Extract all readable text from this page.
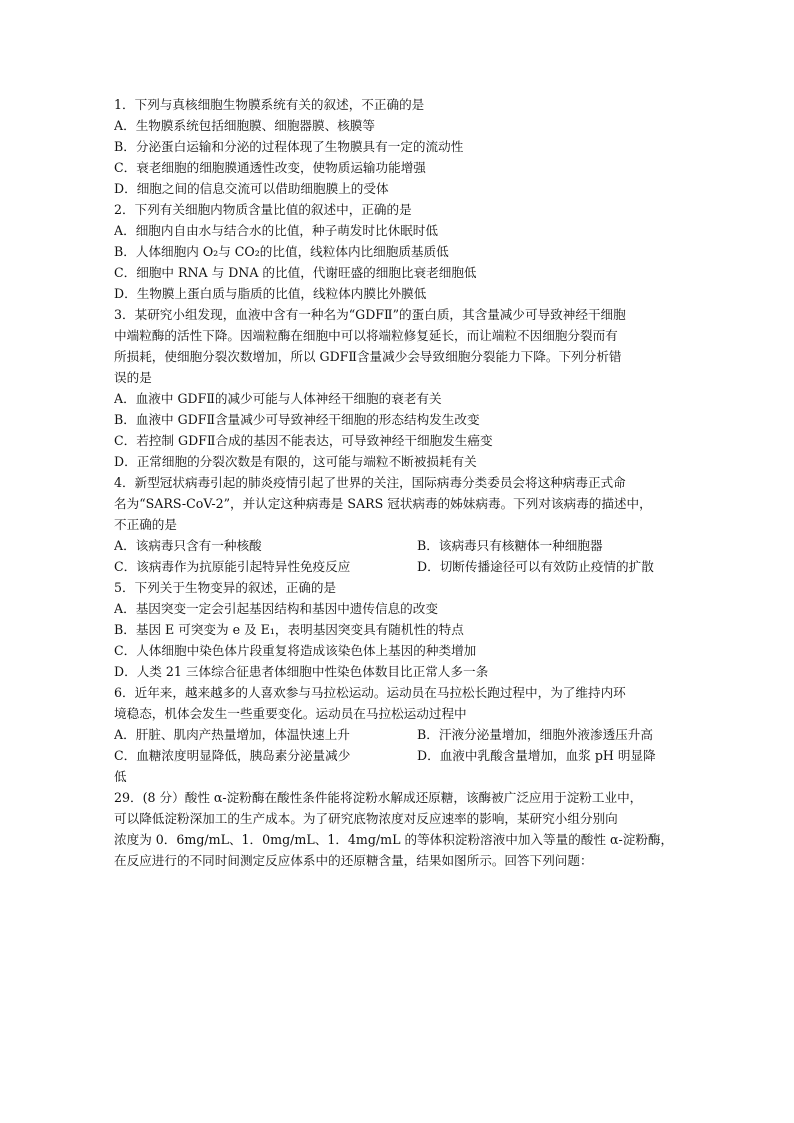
1．下列与真核细胞生物膜系统有关的叙述，不正确的是
A．生物膜系统包括细胞膜、细胞器膜、核膜等
B．分泌蛋白运输和分泌的过程体现了生物膜具有一定的流动性
C．衰老细胞的细胞膜通透性改变，使物质运输功能增强
D．细胞之间的信息交流可以借助细胞膜上的受体
2．下列有关细胞内物质含量比值的叙述中，正确的是
A．细胞内自由水与结合水的比值，种子萌发时比休眠时低
B．人体细胞内 O₂与 CO₂的比值，线粒体内比细胞质基质低
C．细胞中 RNA 与 DNA 的比值，代谢旺盛的细胞比衰老细胞低
D．生物膜上蛋白质与脂质的比值，线粒体内膜比外膜低
3．某研究小组发现，血液中含有一种名为“GDFⅡ”的蛋白质，其含量减少可导致神经干细胞
中端粒酶的活性下降。因端粒酶在细胞中可以将端粒修复延长，而让端粒不因细胞分裂而有
所损耗，使细胞分裂次数增加，所以 GDFⅡ含量减少会导致细胞分裂能力下降。下列分析错
误的是
A．血液中 GDFⅡ的减少可能与人体神经干细胞的衰老有关
B．血液中 GDFⅡ含量减少可导致神经干细胞的形态结构发生改变
C．若控制 GDFⅡ合成的基因不能表达，可导致神经干细胞发生癌变
D．正常细胞的分裂次数是有限的，这可能与端粒不断被损耗有关
4．新型冠状病毒引起的肺炎疫情引起了世界的关注，国际病毒分类委员会将这种病毒正式命
名为“SARS-CoV-2”，并认定这种病毒是 SARS 冠状病毒的姊妹病毒。下列对该病毒的描述中，
不正确的是
A．该病毒只含有一种核酸	B．该病毒只有核糖体一种细胞器
C．该病毒作为抗原能引起特异性免疫反应	D．切断传播途径可以有效防止疫情的扩散
5．下列关于生物变异的叙述，正确的是
A．基因突变一定会引起基因结构和基因中遗传信息的改变
B．基因 E 可突变为 e 及 E₁，表明基因突变具有随机性的特点
C．人体细胞中染色体片段重复将造成该染色体上基因的种类增加
D．人类 21 三体综合征患者体细胞中性染色体数目比正常人多一条
6．近年来，越来越多的人喜欢参与马拉松运动。运动员在马拉松长跑过程中，为了维持内环
境稳态，机体会发生一些重要变化。运动员在马拉松运动过程中
A．肝脏、肌肉产热量增加，体温快速上升	B．汗液分泌量增加，细胞外液渗透压升高
C．血糖浓度明显降低，胰岛素分泌量减少	D．血液中乳酸含量增加，血浆 pH 明显降
低
29．(8 分）酸性 α-淀粉酶在酸性条件能将淀粉水解成还原糖，该酶被广泛应用于淀粉工业中，
可以降低淀粉深加工的生产成本。为了研究底物浓度对反应速率的影响，某研究小组分别向
浓度为 0．6mg/mL、1．0mg/mL、1．4mg/mL 的等体积淀粉溶液中加入等量的酸性 α-淀粉酶，
在反应进行的不同时间测定反应体系中的还原糖含量，结果如图所示。回答下列问题：
